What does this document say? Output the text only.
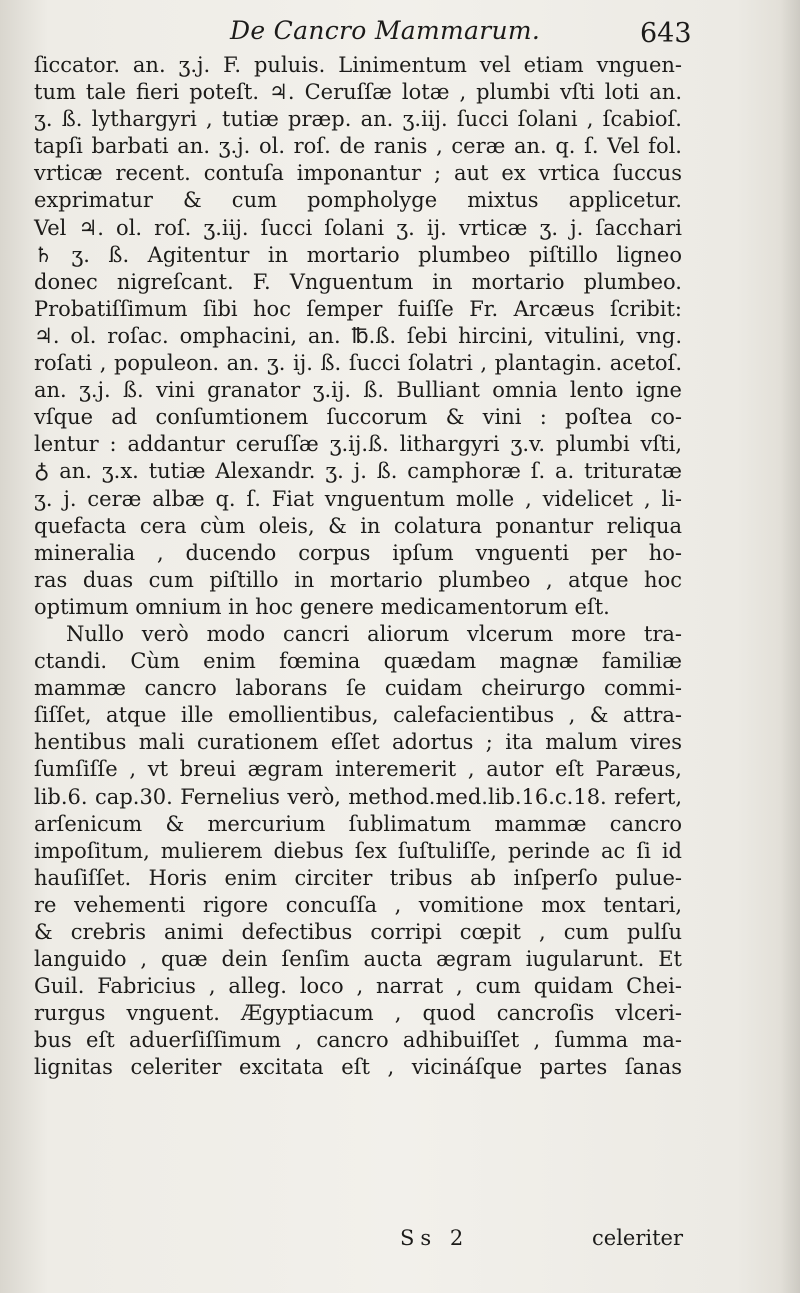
De Cancro Mammarum.	643
ſiccator. an. ʒ.j. F. puluis. Linimentum vel etiam vnguen-
tum tale fieri poteſt. ♃. Ceruſſæ lotæ , plumbi vſti loti an.
ʒ. ß. lythargyri , tutiæ præp. an. ʒ.iij. ſucci ſolani , ſcabioſ.
tapſi barbati an. ʒ.j. ol. roſ. de ranis , ceræ an. q. ſ. Vel fol.
vrticæ recent. contuſa imponantur ; aut ex vrtica ſuccus
exprimatur & cum pompholyge mixtus applicetur.
Vel ♃. ol. roſ. ʒ.iij. ſucci ſolani ʒ. ij. vrticæ ʒ. j. ſacchari
♄ ʒ. ß. Agitentur in mortario plumbeo piſtillo ligneo
donec nigreſcant. F. Vnguentum in mortario plumbeo.
Probatiſſimum ſibi hoc ſemper fuiſſe Fr. Arcæus ſcribit:
♃. ol. roſac. omphacini, an. ℔.ß. ſebi hircini, vitulini, vng.
roſati , populeon. an. ʒ. ij. ß. ſucci ſolatri , plantagin. acetoſ.
an. ʒ.j. ß. vini granator ʒ.ij. ß. Bulliant omnia lento igne
vſque ad conſumtionem ſuccorum & vini : poſtea co-
lentur : addantur ceruſſæ ʒ.ij.ß. lithargyri ʒ.v. plumbi vſti,
♁ an. ʒ.x. tutiæ Alexandr. ʒ. j. ß. camphoræ ſ. a. trituratæ
ʒ. j. ceræ albæ q. ſ. Fiat vnguentum molle , videlicet , li-
quefacta cera cùm oleis, & in colatura ponantur reliqua
mineralia , ducendo corpus ipſum vnguenti per ho-
ras duas cum piſtillo in mortario plumbeo , atque hoc
optimum omnium in hoc genere medicamentorum eſt.
Nullo verò modo cancri aliorum vlcerum more tra-
ctandi. Cùm enim fœmina quædam magnæ familiæ
mammæ cancro laborans ſe cuidam cheirurgo commi-
ſiſſet, atque ille emollientibus, calefacientibus , & attra-
hentibus mali curationem eſſet adortus ; ita malum vires
ſumſiſſe , vt breui ægram interemerit , autor eſt Paræus,
lib.6. cap.30. Fernelius verò, method.med.lib.16.c.18. refert,
arſenicum & mercurium ſublimatum mammæ cancro
impoſitum, mulierem diebus ſex ſuſtuliſſe, perinde ac ſi id
hauſiſſet. Horis enim circiter tribus ab inſperſo pulue-
re vehementi rigore concuſſa , vomitione mox tentari,
& crebris animi defectibus corripi cœpit , cum pulſu
languido , quæ dein ſenſim aucta ægram iugularunt. Et
Guil. Fabricius , alleg. loco , narrat , cum quidam Chei-
rurgus vnguent. Ægyptiacum , quod cancroſis vlceri-
bus eſt aduerſiſſimum , cancro adhibuiſſet , ſumma ma-
lignitas celeriter excitata eſt , vicináſque partes ſanas
Ss 2	celeriter
